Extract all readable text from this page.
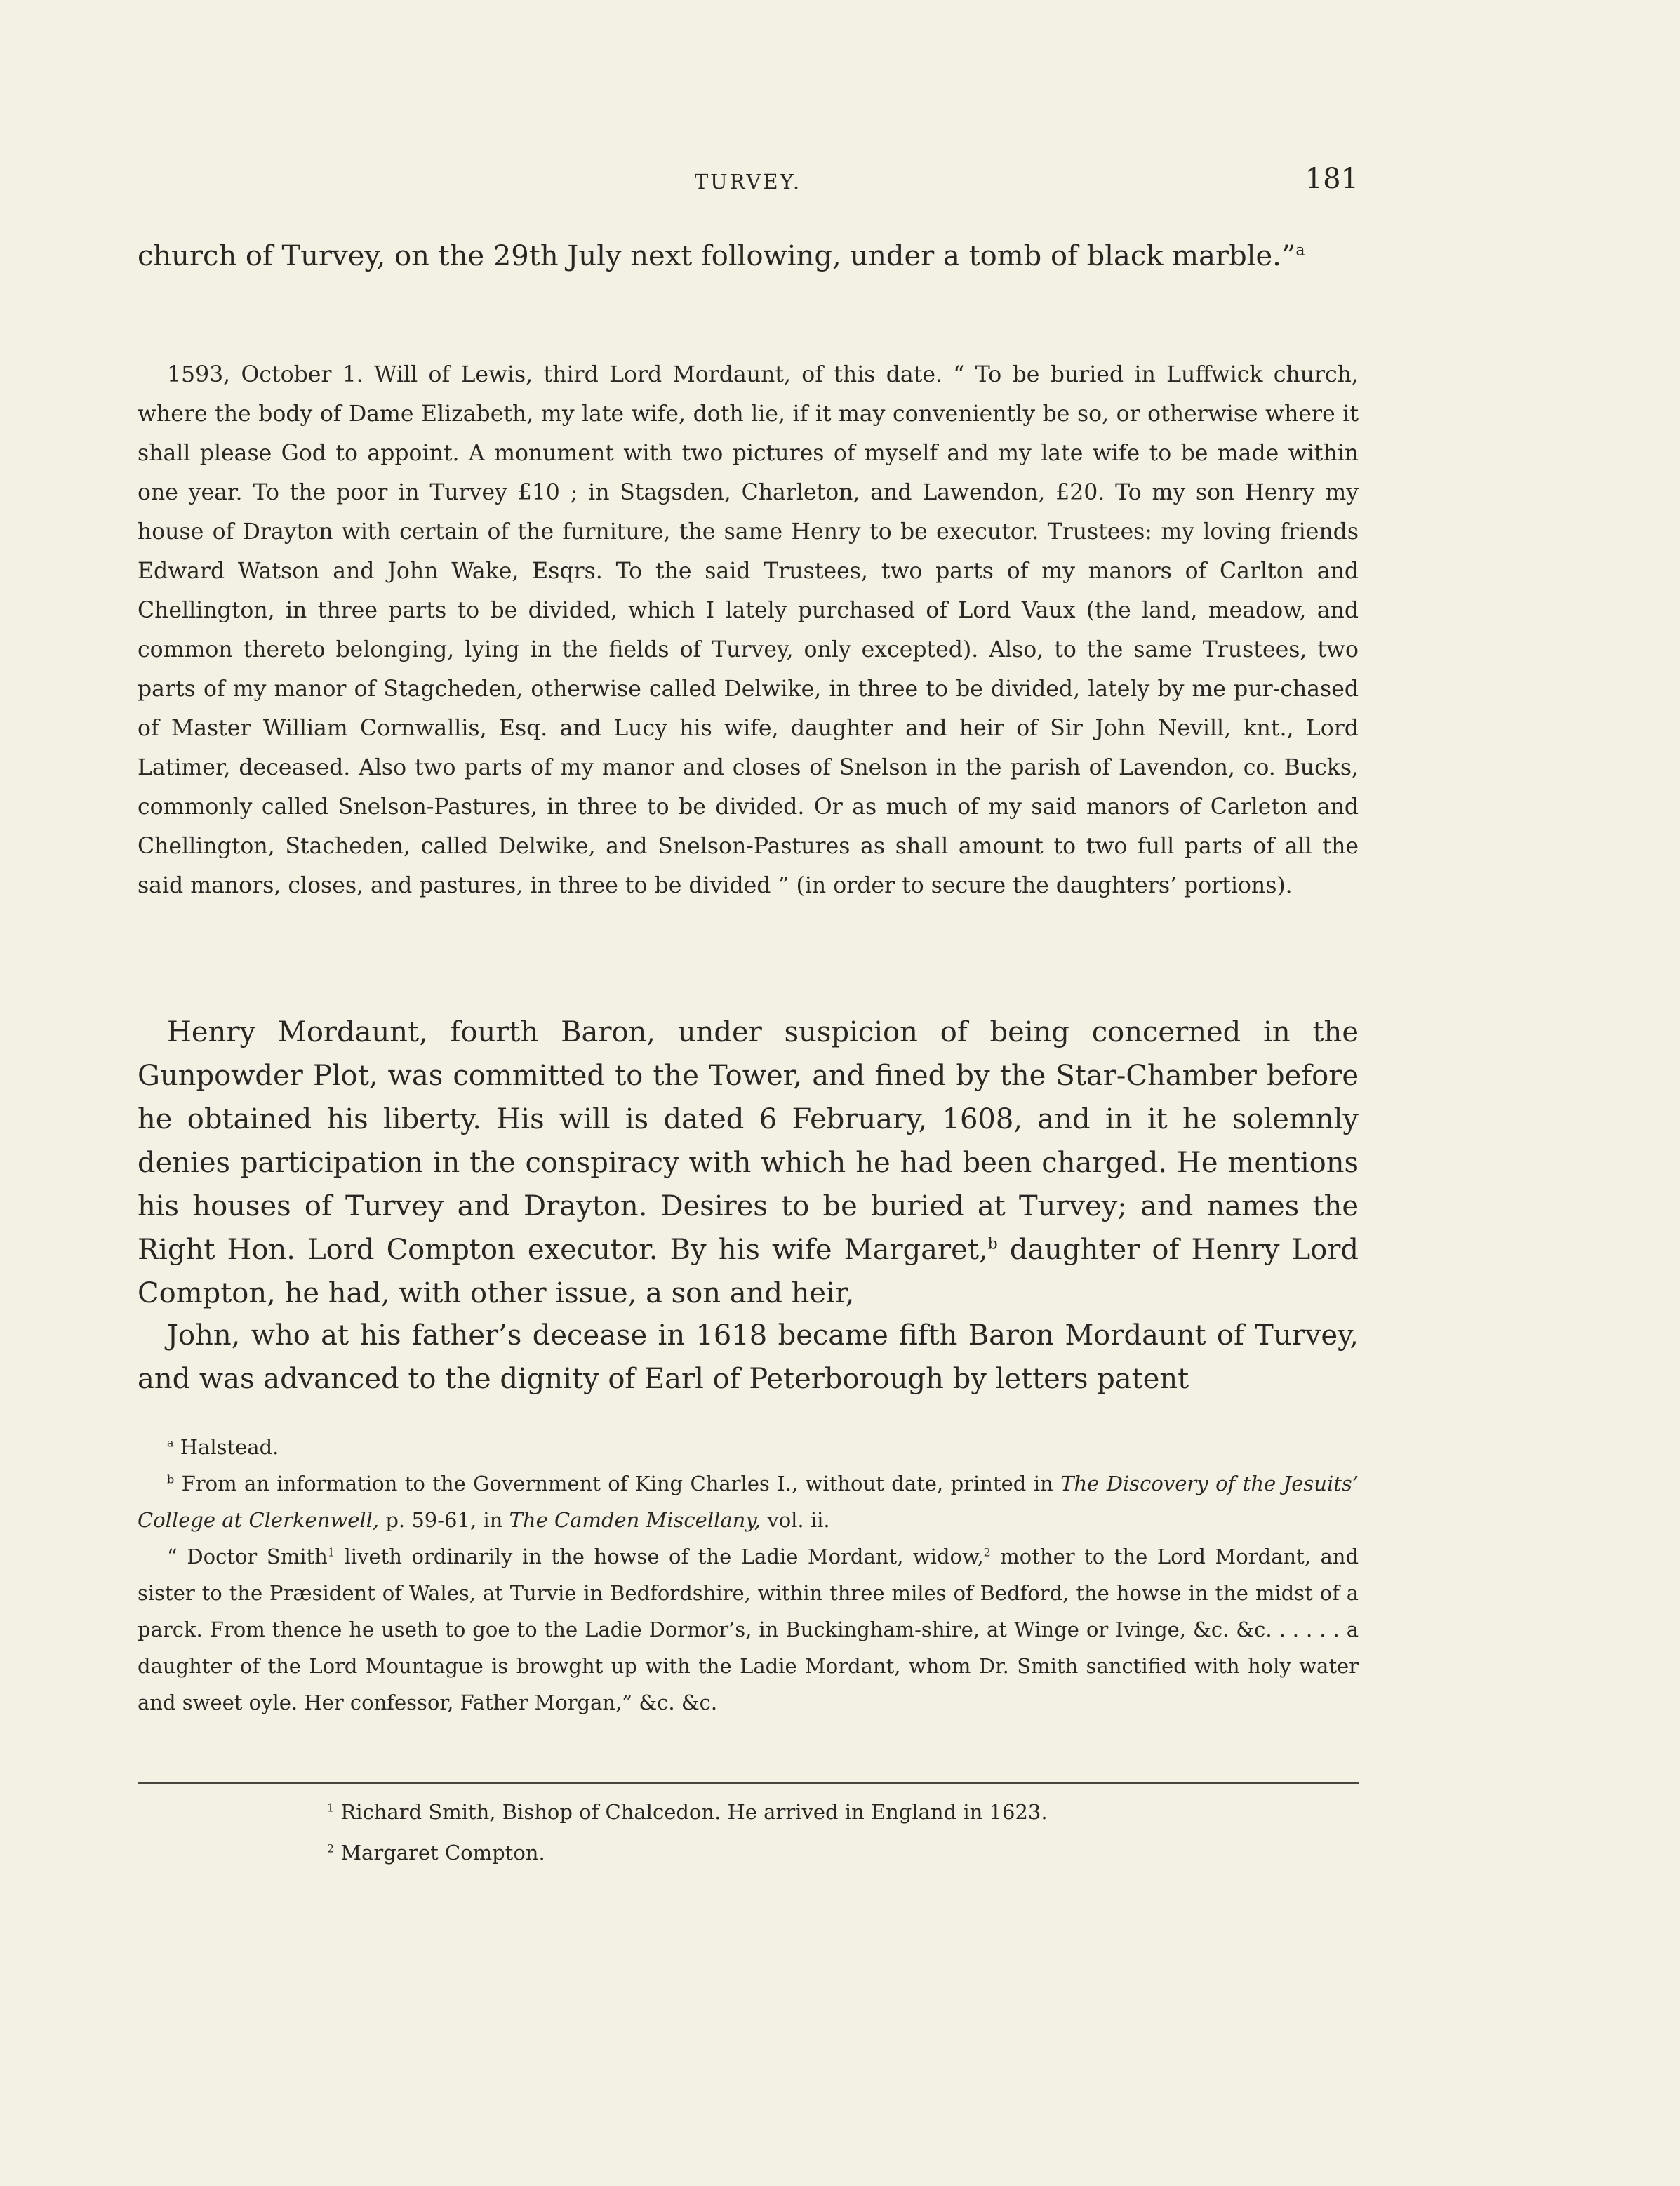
TURVEY.	181

church of Turvey, on the 29th July next following, under a tomb of black marble.”$^a$

1593, October 1. Will of Lewis, third Lord Mordaunt, of this date. “ To be buried in Luffwick church, where the body of Dame Elizabeth, my late wife, doth lie, if it may conveniently be so, or otherwise where it shall please God to appoint. A monument with two pictures of myself and my late wife to be made within one year. To the poor in Turvey £10 ; in Stagsden, Charleton, and Lawendon, £20. To my son Henry my house of Drayton with certain of the furniture, the same Henry to be executor. Trustees: my loving friends Edward Watson and John Wake, Esqrs. To the said Trustees, two parts of my manors of Carlton and Chellington, in three parts to be divided, which I lately purchased of Lord Vaux (the land, meadow, and common thereto belonging, lying in the fields of Turvey, only excepted). Also, to the same Trustees, two parts of my manor of Stagcheden, otherwise called Delwike, in three to be divided, lately by me pur-chased of Master William Cornwallis, Esq. and Lucy his wife, daughter and heir of Sir John Nevill, knt., Lord Latimer, deceased. Also two parts of my manor and closes of Snelson in the parish of Lavendon, co. Bucks, commonly called Snelson-Pastures, in three to be divided. Or as much of my said manors of Carleton and Chellington, Stacheden, called Delwike, and Snelson-Pastures as shall amount to two full parts of all the said manors, closes, and pastures, in three to be divided ” (in order to secure the daughters’ portions).

Henry Mordaunt, fourth Baron, under suspicion of being concerned in the Gunpowder Plot, was committed to the Tower, and fined by the Star-Chamber before he obtained his liberty. His will is dated 6 February, 1608, and in it he solemnly denies participation in the conspiracy with which he had been charged. He mentions his houses of Turvey and Drayton. Desires to be buried at Turvey; and names the Right Hon. Lord Compton executor. By his wife Margaret,$^b$ daughter of Henry Lord Compton, he had, with other issue, a son and heir,

John, who at his father’s decease in 1618 became fifth Baron Mordaunt of Turvey, and was advanced to the dignity of Earl of Peterborough by letters patent

$^a$ Halstead.

$^b$ From an information to the Government of King Charles I., without date, printed in The Discovery of the Jesuits’ College at Clerkenwell, p. 59-61, in The Camden Miscellany, vol. ii.

“ Doctor Smith$^1$ liveth ordinarily in the howse of the Ladie Mordant, widow,$^2$ mother to the Lord Mordant, and sister to the Præsident of Wales, at Turvie in Bedfordshire, within three miles of Bedford, the howse in the midst of a parck. From thence he useth to goe to the Ladie Dormor’s, in Buckingham-shire, at Winge or Ivinge, &c. &c. . . . . . a daughter of the Lord Mountague is browght up with the Ladie Mordant, whom Dr. Smith sanctified with holy water and sweet oyle. Her confessor, Father Morgan,” &c. &c.

$^1$ Richard Smith, Bishop of Chalcedon. He arrived in England in 1623.
$^2$ Margaret Compton.
